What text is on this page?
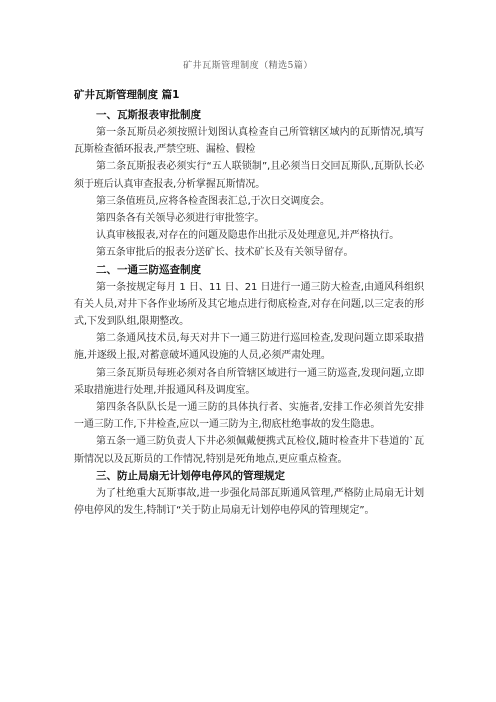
矿井瓦斯管理制度（精选5篇）
矿井瓦斯管理制度 篇1
一、瓦斯报表审批制度

第一条瓦斯员必须按照计划图认真检查自己所管辖区域内的瓦斯情况,填写瓦斯检查循环报表,严禁空班、漏检、假检

第二条瓦斯报表必须实行“五人联锁制”,且必须当日交回瓦斯队,瓦斯队长必须于班后认真审查报表,分析掌握瓦斯情况。

第三条值班员,应将各检查图表汇总,于次日交调度会。

第四条各有关领导必须进行审批签字。

认真审核报表,对存在的问题及隐患作出批示及处理意见,并严格执行。

第五条审批后的报表分送矿长、技术矿长及有关领导留存。

二、一通三防巡查制度

第一条按规定每月 1 日、11 日、21 日进行一通三防大检查,由通风科组织有关人员,对井下各作业场所及其它地点进行彻底检查,对存在问题,以三定表的形式,下发到队组,限期整改。

第二条通风技术员,每天对井下一通三防进行巡回检查,发现问题立即采取措施,并逐级上报,对蓄意破坏通风设施的人员,必须严肃处理。

第三条瓦斯员每班必须对各自所管辖区域进行一通三防巡查,发现问题,立即采取措施进行处理,并报通风科及调度室。

第四条各队队长是一通三防的具体执行者、实施者,安排工作必须首先安排一通三防工作,下井检查,应以一通三防为主,彻底杜绝事故的发生隐患。

第五条一通三防负责人下井必须佩戴便携式瓦检仪,随时检查井下巷道的`瓦斯情况以及瓦斯员的工作情况,特别是死角地点,更应重点检查。

三、防止局扇无计划停电停风的管理规定

为了杜绝重大瓦斯事故,进一步强化局部瓦斯通风管理,严格防止局扇无计划停电停风的发生,特制订“关于防止局扇无计划停电停风的管理规定”。
